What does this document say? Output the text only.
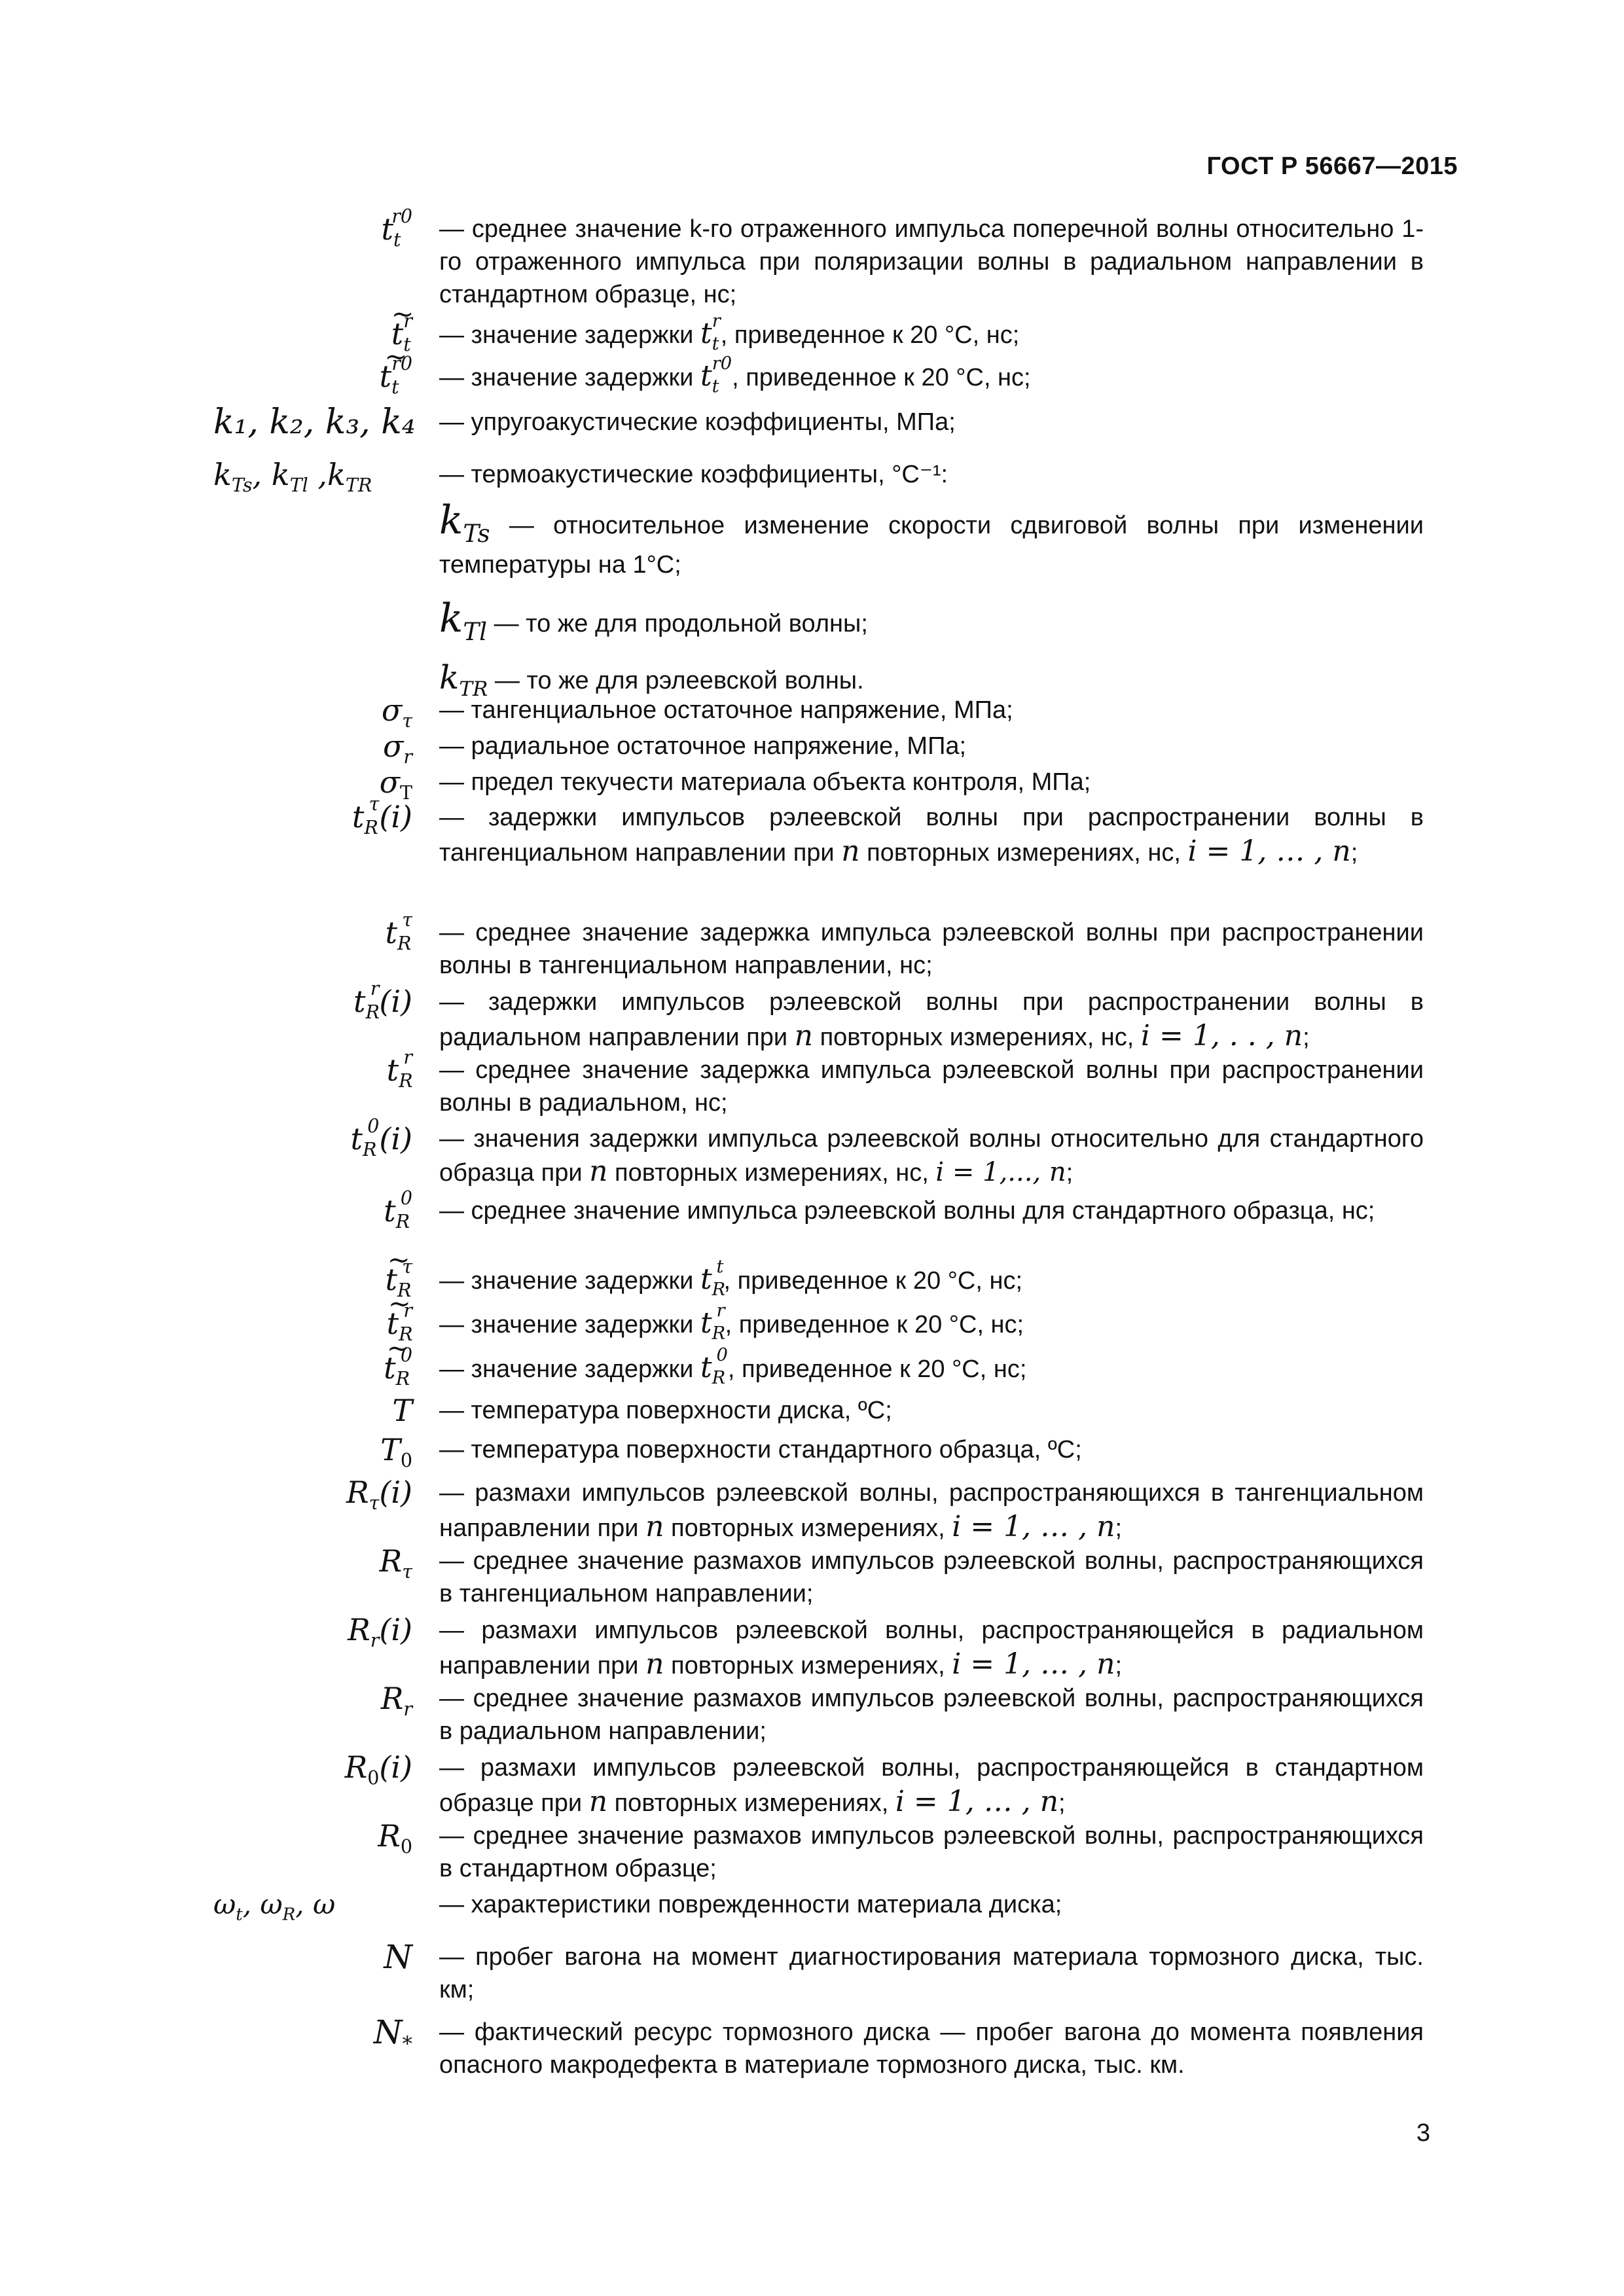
ГОСТ Р 56667—2015
$t_t^{r0}$ — среднее значение k-го отраженного импульса поперечной волны относительно 1-го отраженного импульса при поляризации волны в радиальном направлении в стандартном образце, нс;
~ $t_t^r$
— значение задержки $t_t^r$, приведенное к 20 °С, нс;
~ $t_t^{r0}$
— значение задержки $t_t^{r0}$, приведенное к 20 °С, нс;
k₁, k₂, k₃, k₄ — упругоакустические коэффициенты, МПа;
$k_{Ts}$, $k_{Tl}$ $,k_{TR}$	— термоакустические коэффициенты, °С⁻¹:
$k_{Ts}$ — относительное изменение скорости сдвиговой волны при изменении температуры на 1°С;
$k_{Tl}$ — то же для продольной волны;
$k_{TR}$ — то же для рэлеевской волны.
$\sigma_\tau$ — тангенциальное остаточное напряжение, МПа;
$\sigma_r$ — радиальное остаточное напряжение, МПа;
$\sigma_Т$ — предел текучести материала объекта контроля, МПа;
$t_R^\tau(i)$ — задержки импульсов рэлеевской волны при распространении волны в тангенциальном направлении при n повторных измерениях, нс, i = 1, … , n;
$t_R^\tau$ — среднее значение задержка импульса рэлеевской волны при распространении волны в тангенциальном направлении, нс;
$t_R^r(i)$ — задержки импульсов рэлеевской волны при распространении волны в радиальном направлении при n повторных измерениях, нс, i = 1, . . , n;
$t_R^r$ — среднее значение задержка импульса рэлеевской волны при распространении волны в радиальном, нс;
$t_R^0(i)$ — значения задержки импульса рэлеевской волны относительно для стандартного образца при n повторных измерениях, нс, i = 1,..., n;
$t_R^0$ — среднее значение импульса рэлеевской волны для стандартного образца, нс;
~ $t_R^\tau$
— значение задержки $t_R^t$, приведенное к 20 °С, нс;
~ $t_R^r$
— значение задержки $t_R^r$, приведенное к 20 °С, нс;
~ $t_R^0$
— значение задержки $t_R^0$, приведенное к 20 °С, нс;
T — температура поверхности диска, ºС;
$T_0$ — температура поверхности стандартного образца, ºС;
$R_\tau(i)$ — размахи импульсов рэлеевской волны, распространяющихся в тангенциальном направлении при n повторных измерениях, i = 1, … , n;
$R_\tau$ — среднее значение размахов импульсов рэлеевской волны, распространяющихся в тангенциальном направлении;
$R_r(i)$ — размахи импульсов рэлеевской волны, распространяющейся в радиальном направлении при n повторных измерениях, i = 1, … , n;
$R_r$ — среднее значение размахов импульсов рэлеевской волны, распространяющихся в радиальном направлении;
$R_0(i)$ — размахи импульсов рэлеевской волны, распространяющейся в стандартном образце при n повторных измерениях, i = 1, … , n;
$R_0$ — среднее значение размахов импульсов рэлеевской волны, распространяющихся в стандартном образце;
$\omega_t$, $\omega_R$, ω	— характеристики поврежденности материала диска;
N — пробег вагона на момент диагностирования материала тормозного диска, тыс. км;
$N_*$ — фактический ресурс тормозного диска — пробег вагона до момента появления опасного макродефекта в материале тормозного диска, тыс. км.
3
